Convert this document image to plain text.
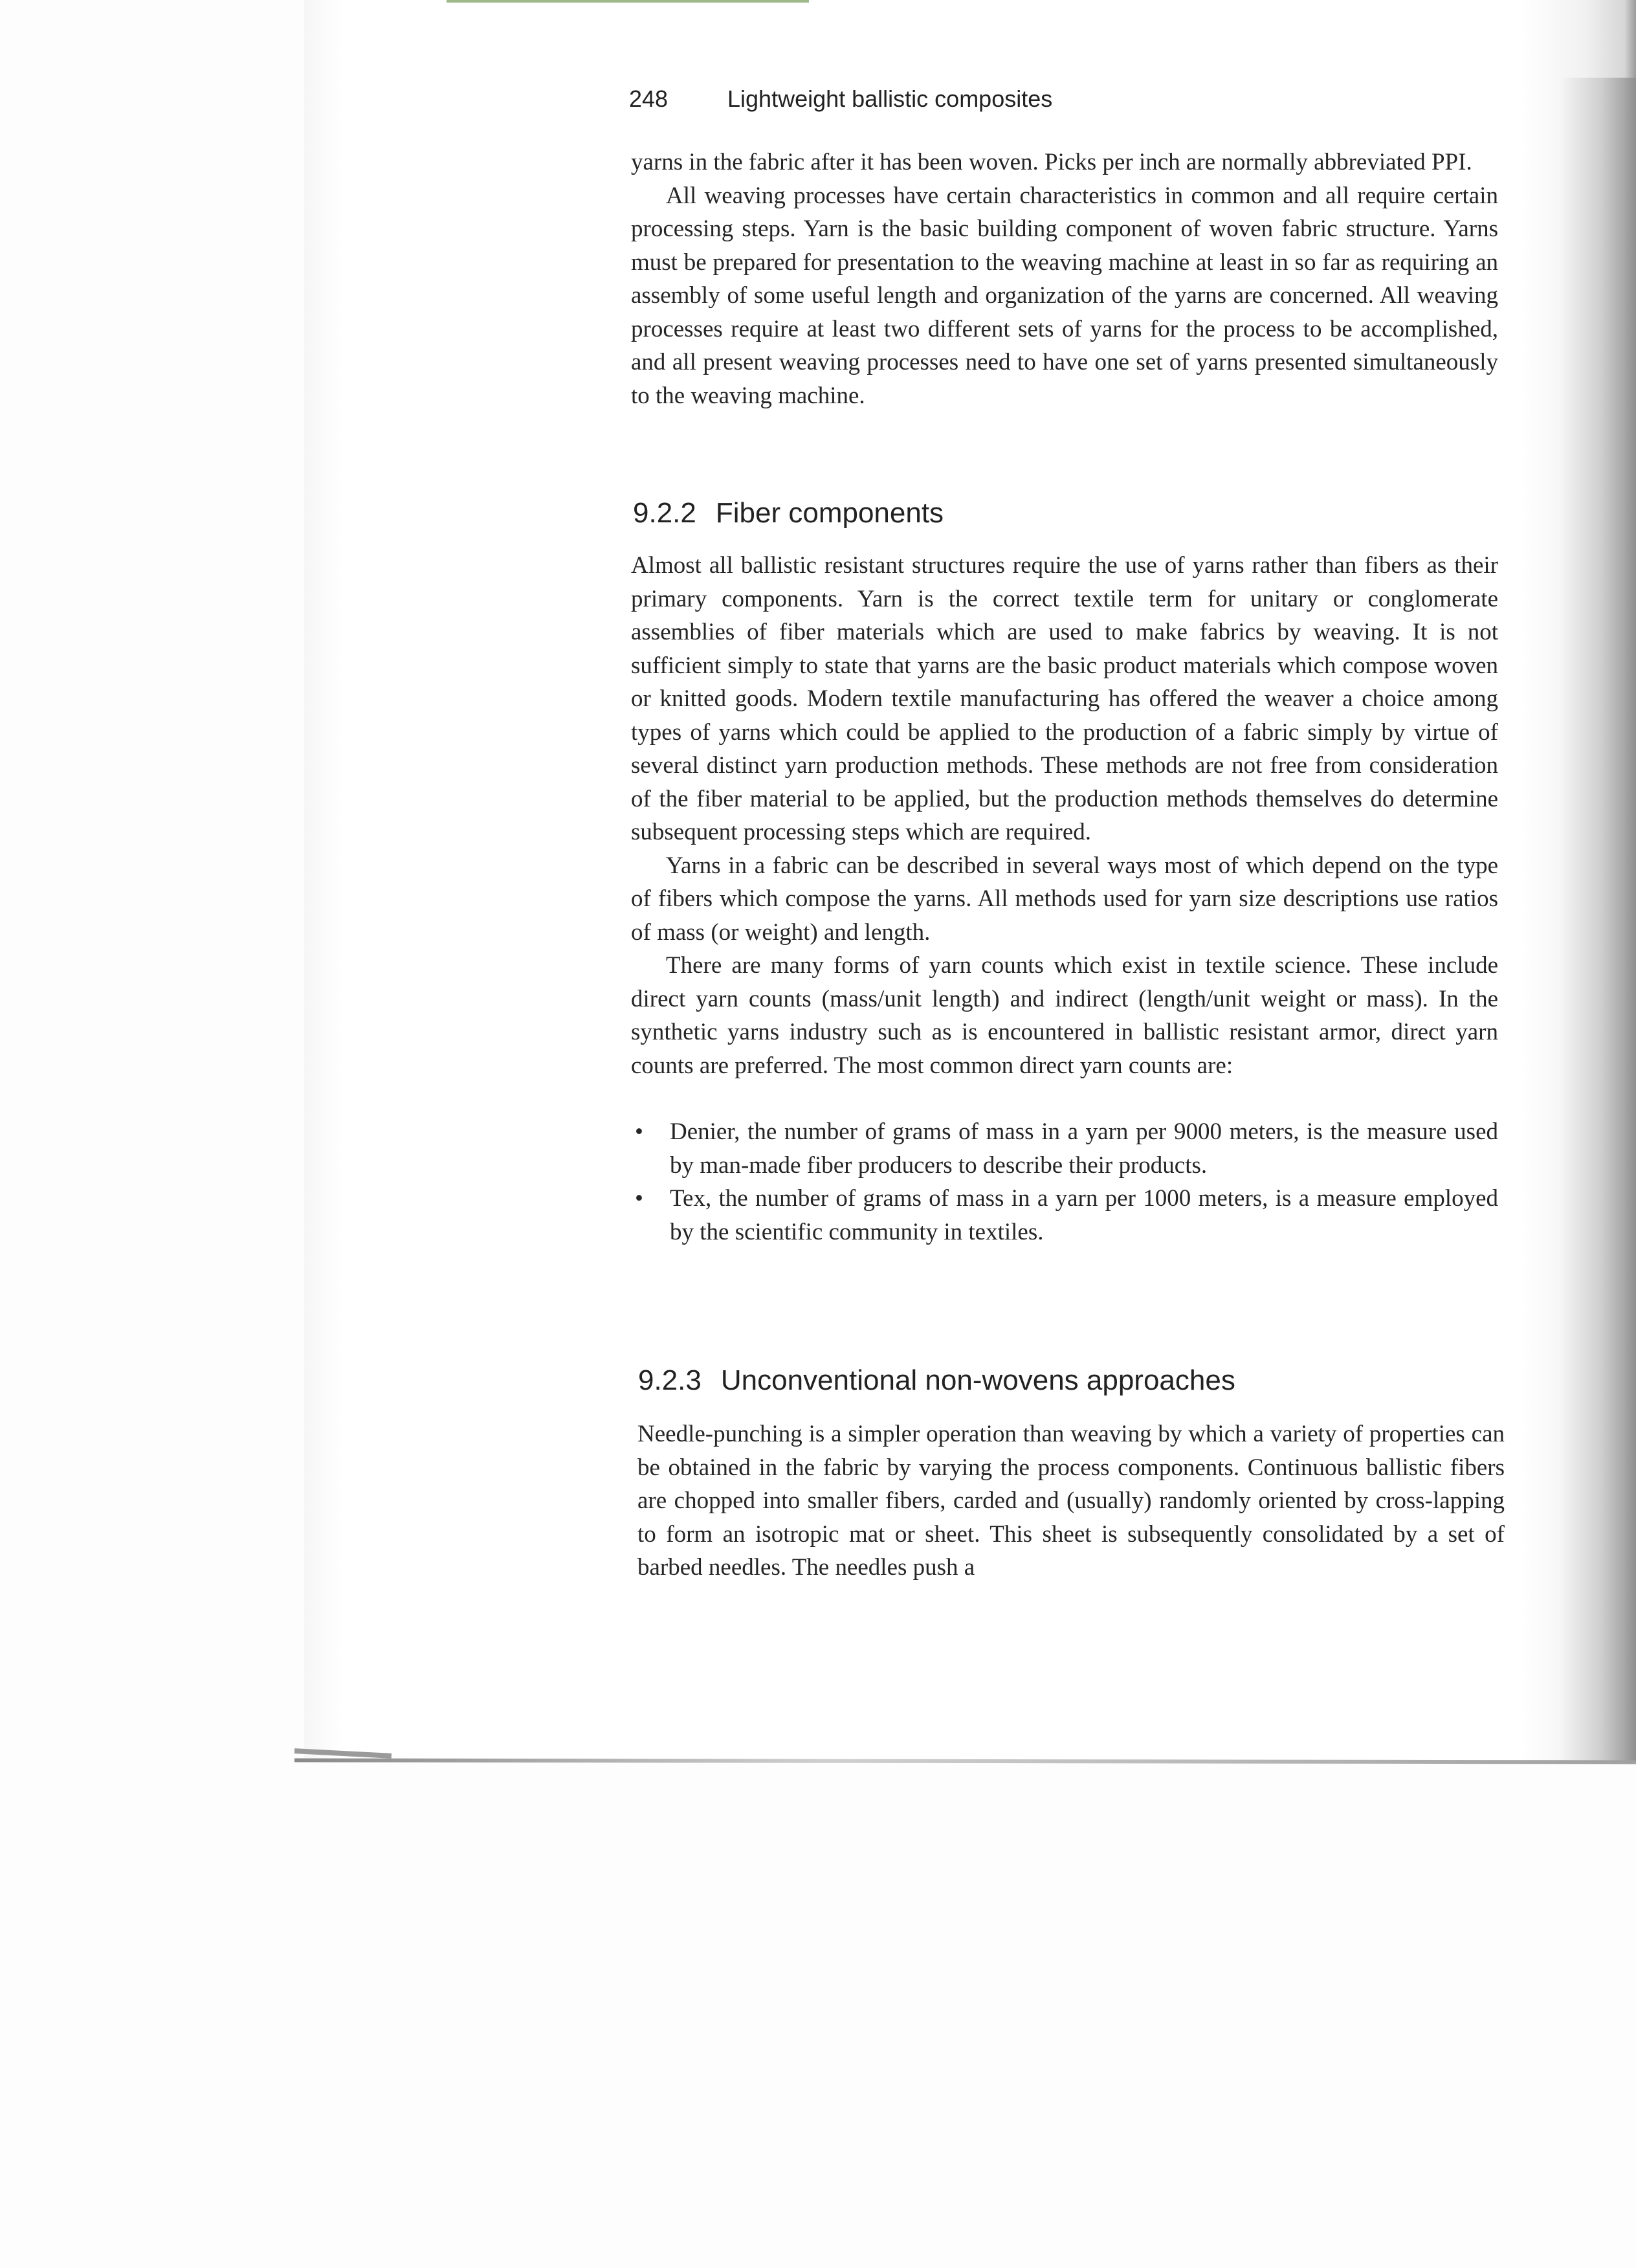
248	Lightweight ballistic composites

yarns in the fabric after it has been woven. Picks per inch are normally abbreviated PPI.

All weaving processes have certain characteristics in common and all require certain processing steps. Yarn is the basic building component of woven fabric structure. Yarns must be prepared for presentation to the weaving machine at least in so far as requiring an assembly of some useful length and organization of the yarns are concerned. All weaving processes require at least two different sets of yarns for the process to be accomplished, and all present weaving processes need to have one set of yarns presented simultaneously to the weaving machine.

9.2.2 Fiber components

Almost all ballistic resistant structures require the use of yarns rather than fibers as their primary components. Yarn is the correct textile term for unitary or conglomerate assemblies of fiber materials which are used to make fabrics by weaving. It is not sufficient simply to state that yarns are the basic product materials which compose woven or knitted goods. Modern textile manufacturing has offered the weaver a choice among types of yarns which could be applied to the production of a fabric simply by virtue of several distinct yarn production methods. These methods are not free from consideration of the fiber material to be applied, but the production methods themselves do determine subsequent processing steps which are required.

Yarns in a fabric can be described in several ways most of which depend on the type of fibers which compose the yarns. All methods used for yarn size descriptions use ratios of mass (or weight) and length.

There are many forms of yarn counts which exist in textile science. These include direct yarn counts (mass/unit length) and indirect (length/unit weight or mass). In the synthetic yarns industry such as is encountered in ballistic resistant armor, direct yarn counts are preferred. The most common direct yarn counts are:

• Denier, the number of grams of mass in a yarn per 9000 meters, is the measure used by man-made fiber producers to describe their products.
• Tex, the number of grams of mass in a yarn per 1000 meters, is a measure employed by the scientific community in textiles.
9.2.3 Unconventional non-wovens approaches

Needle-punching is a simpler operation than weaving by which a variety of properties can be obtained in the fabric by varying the process components. Continuous ballistic fibers are chopped into smaller fibers, carded and (usually) randomly oriented by cross-lapping to form an isotropic mat or sheet. This sheet is subsequently consolidated by a set of barbed needles. The needles push a
